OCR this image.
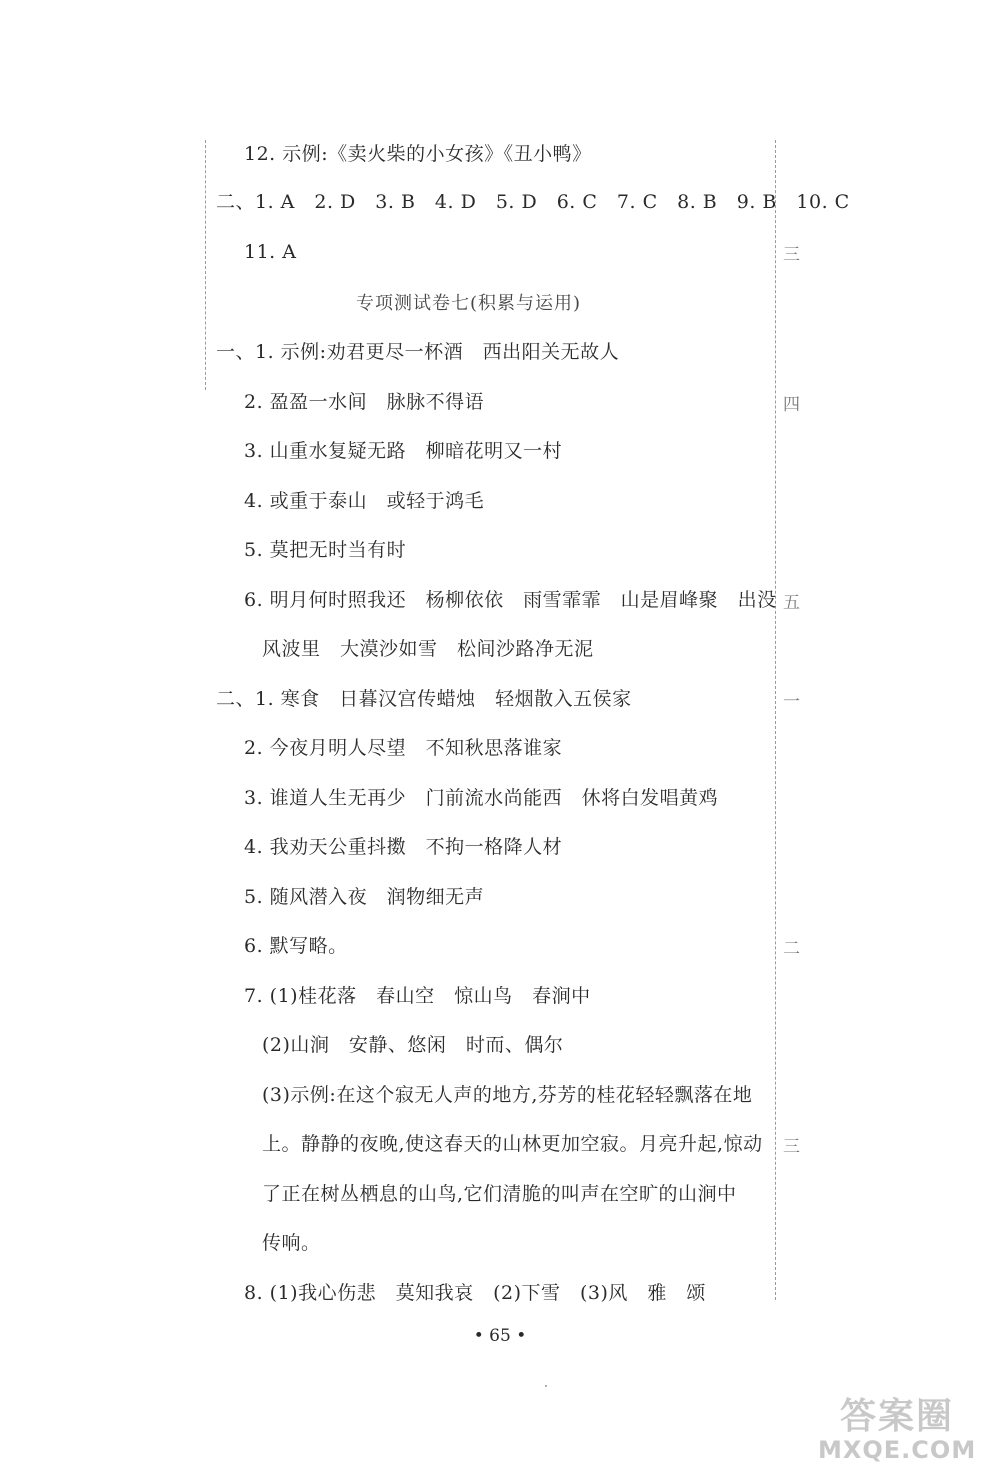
12. 示例:《卖火柴的小女孩》《丑小鸭》
二、1. A　2. D　3. B　4. D　5. D　6. C　7. C　8. B　9. B　10. C
11. A
专项测试卷七(积累与运用)
一、1. 示例:劝君更尽一杯酒　西出阳关无故人
2. 盈盈一水间　脉脉不得语
3. 山重水复疑无路　柳暗花明又一村
4. 或重于泰山　或轻于鸿毛
5. 莫把无时当有时
6. 明月何时照我还　杨柳依依　雨雪霏霏　山是眉峰聚　出没
风波里　大漠沙如雪　松间沙路净无泥
二、1. 寒食　日暮汉宫传蜡烛　轻烟散入五侯家
2. 今夜月明人尽望　不知秋思落谁家
3. 谁道人生无再少　门前流水尚能西　休将白发唱黄鸡
4. 我劝天公重抖擞　不拘一格降人材
5. 随风潜入夜　润物细无声
6. 默写略。
7. (1)桂花落　春山空　惊山鸟　春涧中
(2)山涧　安静、悠闲　时而、偶尔
(3)示例:在这个寂无人声的地方,芬芳的桂花轻轻飘落在地
上。静静的夜晚,使这春天的山林更加空寂。月亮升起,惊动
了正在树丛栖息的山鸟,它们清脆的叫声在空旷的山涧中
传响。
8. (1)我心伤悲　莫知我哀　(2)下雪　(3)风　雅　颂
三
四
五
一
二
三
• 65 •
答案圈
MXQE.COM
